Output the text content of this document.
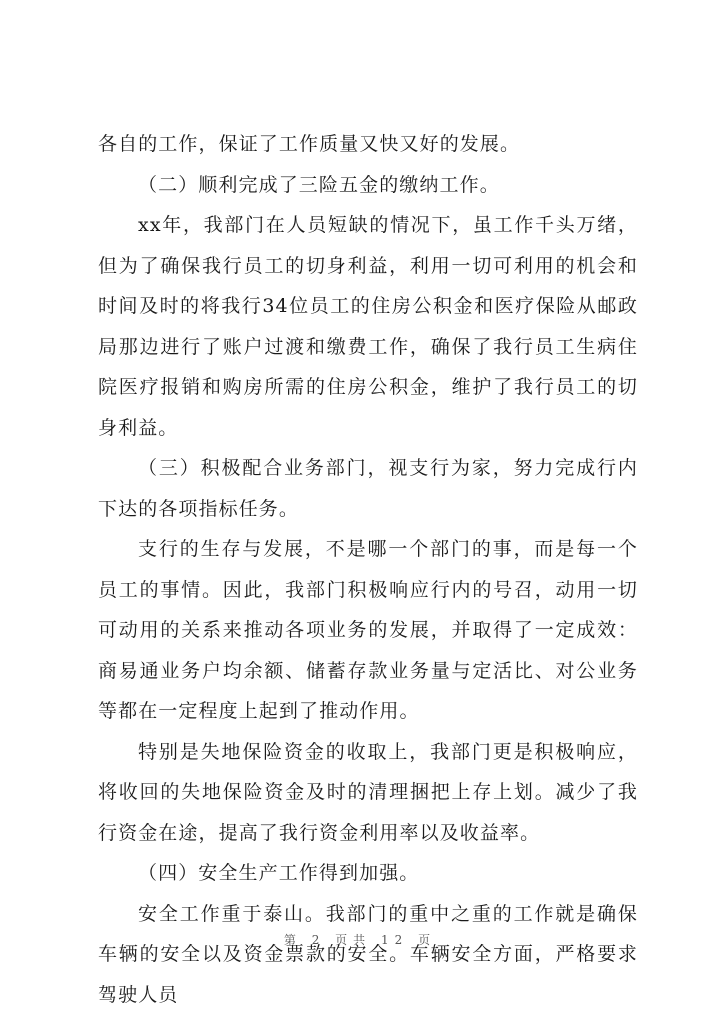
各自的工作，保证了工作质量又快又好的发展。

（二）顺利完成了三险五金的缴纳工作。

xx年，我部门在人员短缺的情况下，虽工作千头万绪，但为了确保我行员工的切身利益，利用一切可利用的机会和时间及时的将我行34位员工的住房公积金和医疗保险从邮政局那边进行了账户过渡和缴费工作，确保了我行员工生病住院医疗报销和购房所需的住房公积金，维护了我行员工的切身利益。

（三）积极配合业务部门，视支行为家，努力完成行内下达的各项指标任务。

支行的生存与发展，不是哪一个部门的事，而是每一个员工的事情。因此，我部门积极响应行内的号召，动用一切可动用的关系来推动各项业务的发展，并取得了一定成效：商易通业务户均余额、储蓄存款业务量与定活比、对公业务等都在一定程度上起到了推动作用。

特别是失地保险资金的收取上，我部门更是积极响应，将收回的失地保险资金及时的清理捆把上存上划。减少了我行资金在途，提高了我行资金利用率以及收益率。

（四）安全生产工作得到加强。

安全工作重于泰山。我部门的重中之重的工作就是确保车辆的安全以及资金票款的安全。车辆安全方面，严格要求驾驶人员

第 2 页共 12 页
